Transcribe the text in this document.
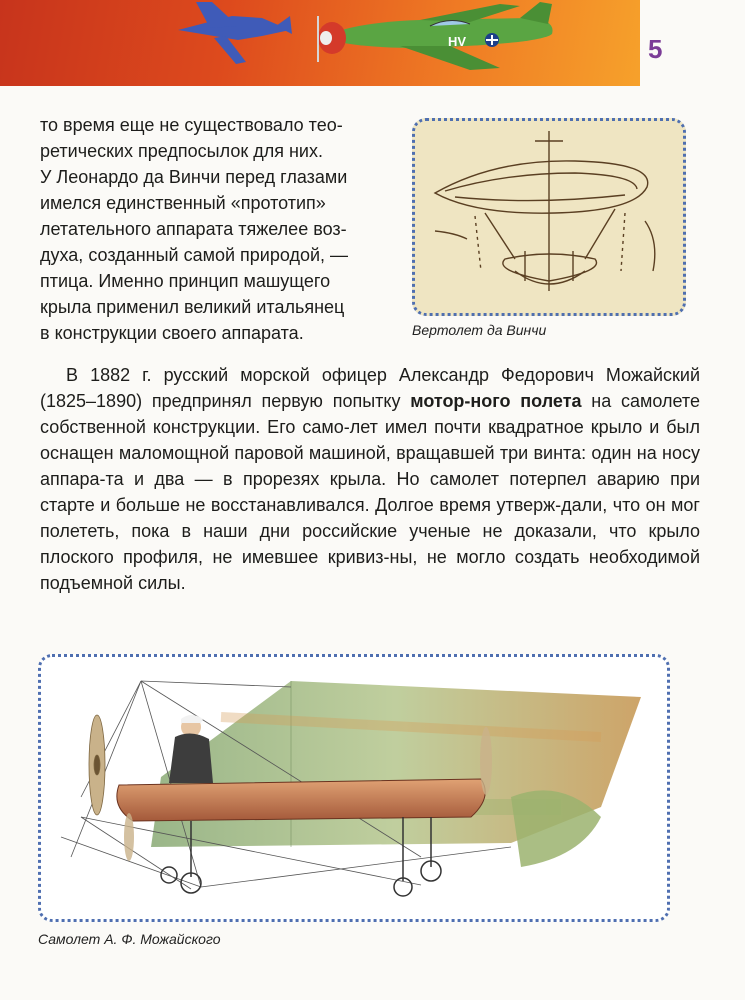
HV	5
то время еще не существовало тео-
ретических предпосылок для них.
У Леонардо да Винчи перед глазами
имелся единственный «прототип»
летательного аппарата тяжелее воз-
духа, созданный самой природой, —
птица. Именно принцип машущего
крыла применил великий итальянец
в конструкции своего аппарата.	Вертолет да Винчи
В 1882 г. русский морской офицер Александр Федорович Можайский (1825–1890) предпринял первую попытку мотор-ного полета на самолете собственной конструкции. Его само-лет имел почти квадратное крыло и был оснащен маломощной паровой машиной, вращавшей три винта: один на носу аппара-та и два — в прорезях крыла. Но самолет потерпел аварию при старте и больше не восстанавливался. Долгое время утверж-дали, что он мог полететь, пока в наши дни российские ученые не доказали, что крыло плоского профиля, не имевшее кривиз-ны, не могло создать необходимой подъемной силы.
Самолет А. Ф. Можайского
